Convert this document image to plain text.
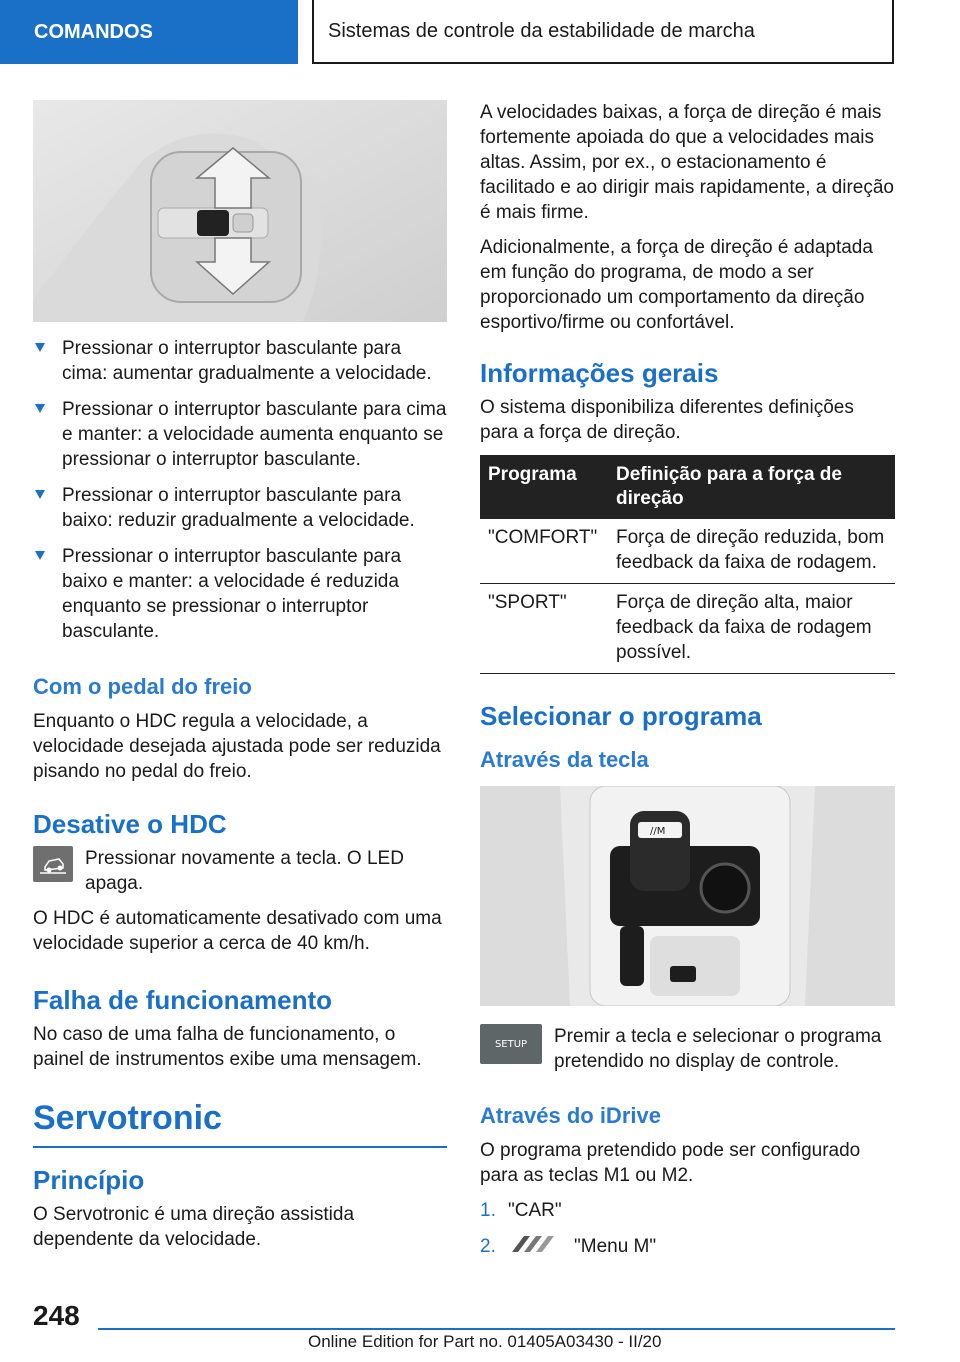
COMANDOS	Sistemas de controle da estabilidade de marcha
Pressionar o interruptor basculante para cima: aumentar gradualmente a velocidade.
Pressionar o interruptor basculante para cima e manter: a velocidade aumenta enquanto se pressionar o interruptor basculante.
Pressionar o interruptor basculante para baixo: reduzir gradualmente a velocidade.
Pressionar o interruptor basculante para baixo e manter: a velocidade é reduzida enquanto se pressionar o interruptor basculante.
Com o pedal do freio

Enquanto o HDC regula a velocidade, a velocidade desejada ajustada pode ser reduzida pisando no pedal do freio.

Desative o HDC

Pressionar novamente a tecla. O LED apaga.

O HDC é automaticamente desativado com uma velocidade superior a cerca de 40 km/h.

Falha de funcionamento

No caso de uma falha de funcionamento, o painel de instrumentos exibe uma mensagem.

Servotronic
Princípio

O Servotronic é uma direção assistida dependente da velocidade.

A velocidades baixas, a força de direção é mais fortemente apoiada do que a velocidades mais altas. Assim, por ex., o estacionamento é facilitado e ao dirigir mais rapidamente, a direção é mais firme.

Adicionalmente, a força de direção é adaptada em função do programa, de modo a ser proporcionado um comportamento da direção esportivo/firme ou confortável.

Informações gerais

O sistema disponibiliza diferentes definições para a força de direção.

Programa	Definição para a força de direção
"COMFORT"	Força de direção reduzida, bom feedback da faixa de rodagem.
"SPORT"	Força de direção alta, maior feedback da faixa de rodagem possível.
Selecionar o programa
Através da tecla
//M
SETUP Premir a tecla e selecionar o programa pretendido no display de controle.

Através do iDrive

O programa pretendido pode ser configurado para as teclas M1 ou M2.

1. "CAR"
2.	"Menu M"
248
Online Edition for Part no. 01405A03430 - II/20
